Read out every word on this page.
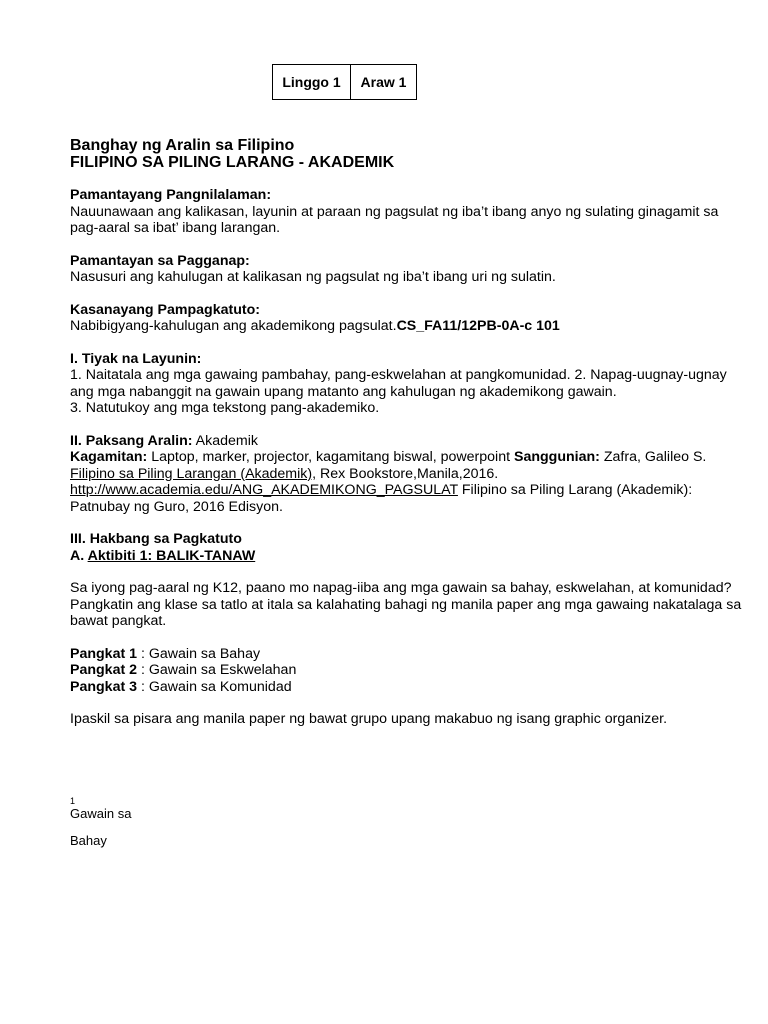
Linggo 1	Araw 1

Banghay ng Aralin sa Filipino

FILIPINO SA PILING LARANG - AKADEMIK

Pamantayang Pangnilalaman:

Nauunawaan ang kalikasan, layunin at paraan ng pagsulat ng iba’t ibang anyo ng sulating ginagamit sa pag-aaral sa ibat’ ibang larangan.

Pamantayan sa Pagganap:

Nasusuri ang kahulugan at kalikasan ng pagsulat ng iba’t ibang uri ng sulatin.

Kasanayang Pampagkatuto:

Nabibigyang-kahulugan ang akademikong pagsulat.CS_FA11/12PB-0A-c 101

I. Tiyak na Layunin:

1. Naitatala ang mga gawaing pambahay, pang-eskwelahan at pangkomunidad. 2. Napag-uugnay-ugnay ang mga nabanggit na gawain upang matanto ang kahulugan ng akademikong gawain.

3. Natutukoy ang mga tekstong pang-akademiko.

II. Paksang Aralin: Akademik

Kagamitan: Laptop, marker, projector, kagamitang biswal, powerpoint Sanggunian: Zafra, Galileo S. Filipino sa Piling Larangan (Akademik), Rex Bookstore,Manila,2016.
http://www.academia.edu/ANG_AKADEMIKONG_PAGSULAT Filipino sa Piling Larang (Akademik): Patnubay ng Guro, 2016 Edisyon.

III. Hakbang sa Pagkatuto

A. Aktibiti 1: BALIK-TANAW

Sa iyong pag-aaral ng K12, paano mo napag-iiba ang mga gawain sa bahay, eskwelahan, at komunidad? Pangkatin ang klase sa tatlo at itala sa kalahating bahagi ng manila paper ang mga gawaing nakatalaga sa bawat pangkat.

Pangkat 1 : Gawain sa Bahay

Pangkat 2 : Gawain sa Eskwelahan

Pangkat 3 : Gawain sa Komunidad

Ipaskil sa pisara ang manila paper ng bawat grupo upang makabuo ng isang graphic organizer.

1
Gawain sa
Bahay
